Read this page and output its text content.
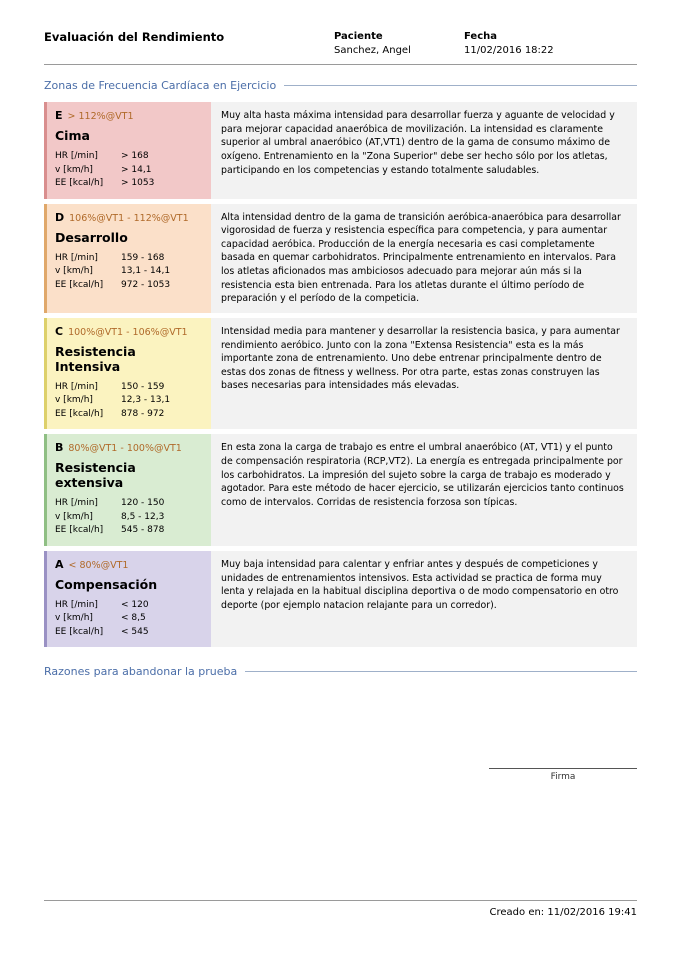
Evaluación del Rendimiento	Paciente
Sanchez, Angel
Fecha
11/02/2016 18:22
Zonas de Frecuencia Cardíaca en Ejercicio
E > 112%@VT1
Cima
HR [/min]	> 168
v [km/h]	> 14,1
EE [kcal/h]	> 1053
Muy alta hasta máxima intensidad para desarrollar fuerza y aguante de velocidad y para mejorar capacidad anaeróbica de movilización. La intensidad es claramente superior al umbral anaeróbico (AT,VT1) dentro de la gama de consumo máximo de oxígeno. Entrenamiento en la "Zona Superior" debe ser hecho sólo por los atletas, participando en los competencias y estando totalmente saludables.
D 106%@VT1 - 112%@VT1
Desarrollo
HR [/min]	159 - 168
v [km/h]	13,1 - 14,1
EE [kcal/h]	972 - 1053
Alta intensidad dentro de la gama de transición aeróbica-anaeróbica para desarrollar vigorosidad de fuerza y resistencia específica para competencia, y para aumentar capacidad aeróbica. Producción de la energía necesaria es casi completamente basada en quemar carbohidratos. Principalmente entrenamiento en intervalos. Para los atletas aficionados mas ambiciosos adecuado para mejorar aún más si la resistencia esta bien entrenada. Para los atletas durante el último período de preparación y el período de la competicia.
C 100%@VT1 - 106%@VT1
Resistencia Intensiva
HR [/min]	150 - 159
v [km/h]	12,3 - 13,1
EE [kcal/h]	878 - 972
Intensidad media para mantener y desarrollar la resistencia basica, y para aumentar rendimiento aeróbico. Junto con la zona "Extensa Resistencia" esta es la más importante zona de entrenamiento. Uno debe entrenar principalmente dentro de estas dos zonas de fitness y wellness. Por otra parte, estas zonas construyen las bases necesarias para intensidades más elevadas.
B 80%@VT1 - 100%@VT1
Resistencia extensiva
HR [/min]	120 - 150
v [km/h]	8,5 - 12,3
EE [kcal/h]	545 - 878
En esta zona la carga de trabajo es entre el umbral anaeróbico (AT, VT1) y el punto de compensación respiratoria (RCP,VT2). La energía es entregada principalmente por los carbohidratos. La impresión del sujeto sobre la carga de trabajo es moderado y agotador. Para este método de hacer ejercicio, se utilizarán ejercicios tanto continuos como de intervalos. Corridas de resistencia forzosa son típicas.
A < 80%@VT1
Compensación
HR [/min]	< 120
v [km/h]	< 8,5
EE [kcal/h]	< 545
Muy baja intensidad para calentar y enfriar antes y después de competiciones y unidades de entrenamientos intensivos. Esta actividad se practica de forma muy lenta y relajada en la habitual disciplina deportiva o de modo compensatorio en otro deporte (por ejemplo natacion relajante para un corredor).
Razones para abandonar la prueba
Firma
Creado en: 11/02/2016 19:41
